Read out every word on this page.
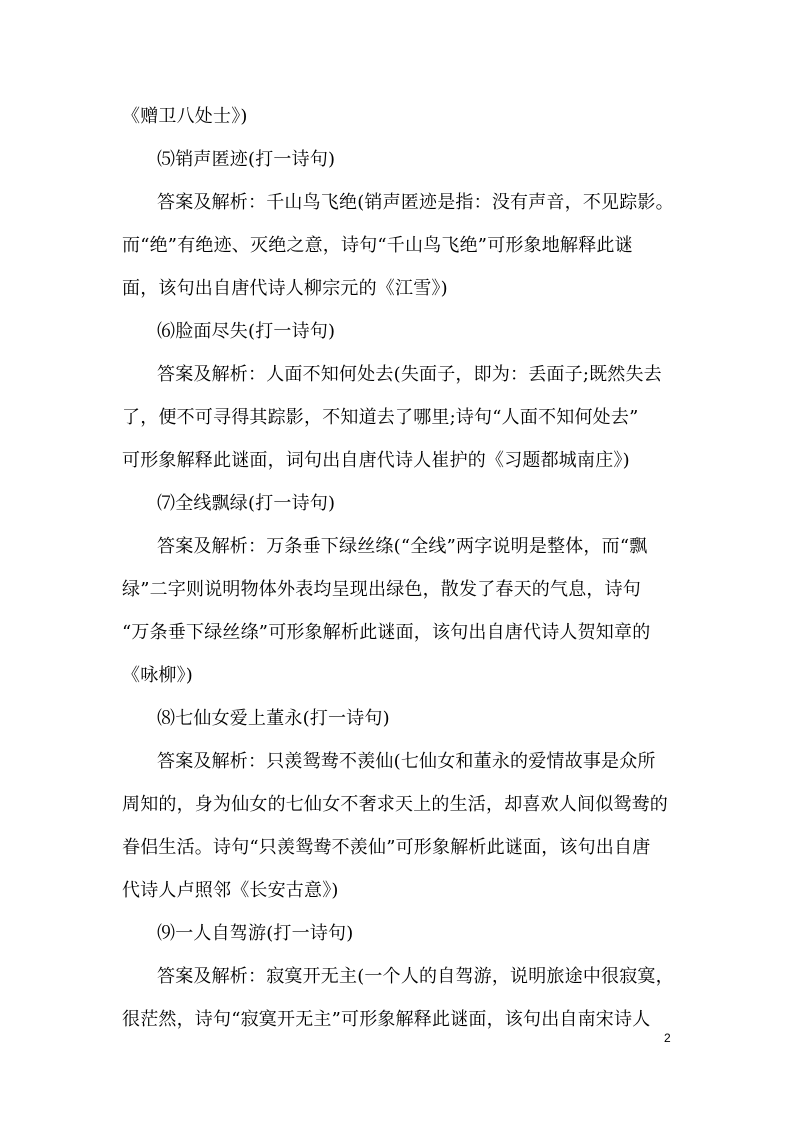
《赠卫八处士》)
⑸销声匿迹(打一诗句)
答案及解析：千山鸟飞绝(销声匿迹是指：没有声音，不见踪影。
而“绝”有绝迹、灭绝之意，诗句“千山鸟飞绝”可形象地解释此谜
面，该句出自唐代诗人柳宗元的《江雪》)
⑹脸面尽失(打一诗句)
答案及解析：人面不知何处去(失面子，即为：丢面子;既然失去
了，便不可寻得其踪影，不知道去了哪里;诗句“人面不知何处去”
可形象解释此谜面，词句出自唐代诗人崔护的《习题都城南庄》)
⑺全线飘绿(打一诗句)
答案及解析：万条垂下绿丝绦(“全线”两字说明是整体，而“飘
绿”二字则说明物体外表均呈现出绿色，散发了春天的气息，诗句
“万条垂下绿丝绦”可形象解析此谜面，该句出自唐代诗人贺知章的
《咏柳》)
⑻七仙女爱上董永(打一诗句)
答案及解析：只羡鸳鸯不羡仙(七仙女和董永的爱情故事是众所
周知的，身为仙女的七仙女不奢求天上的生活，却喜欢人间似鸳鸯的
眷侣生活。诗句“只羡鸳鸯不羡仙”可形象解析此谜面，该句出自唐
代诗人卢照邻《长安古意》)
⑼一人自驾游(打一诗句)
答案及解析：寂寞开无主(一个人的自驾游，说明旅途中很寂寞，
很茫然，诗句“寂寞开无主”可形象解释此谜面，该句出自南宋诗人
2
